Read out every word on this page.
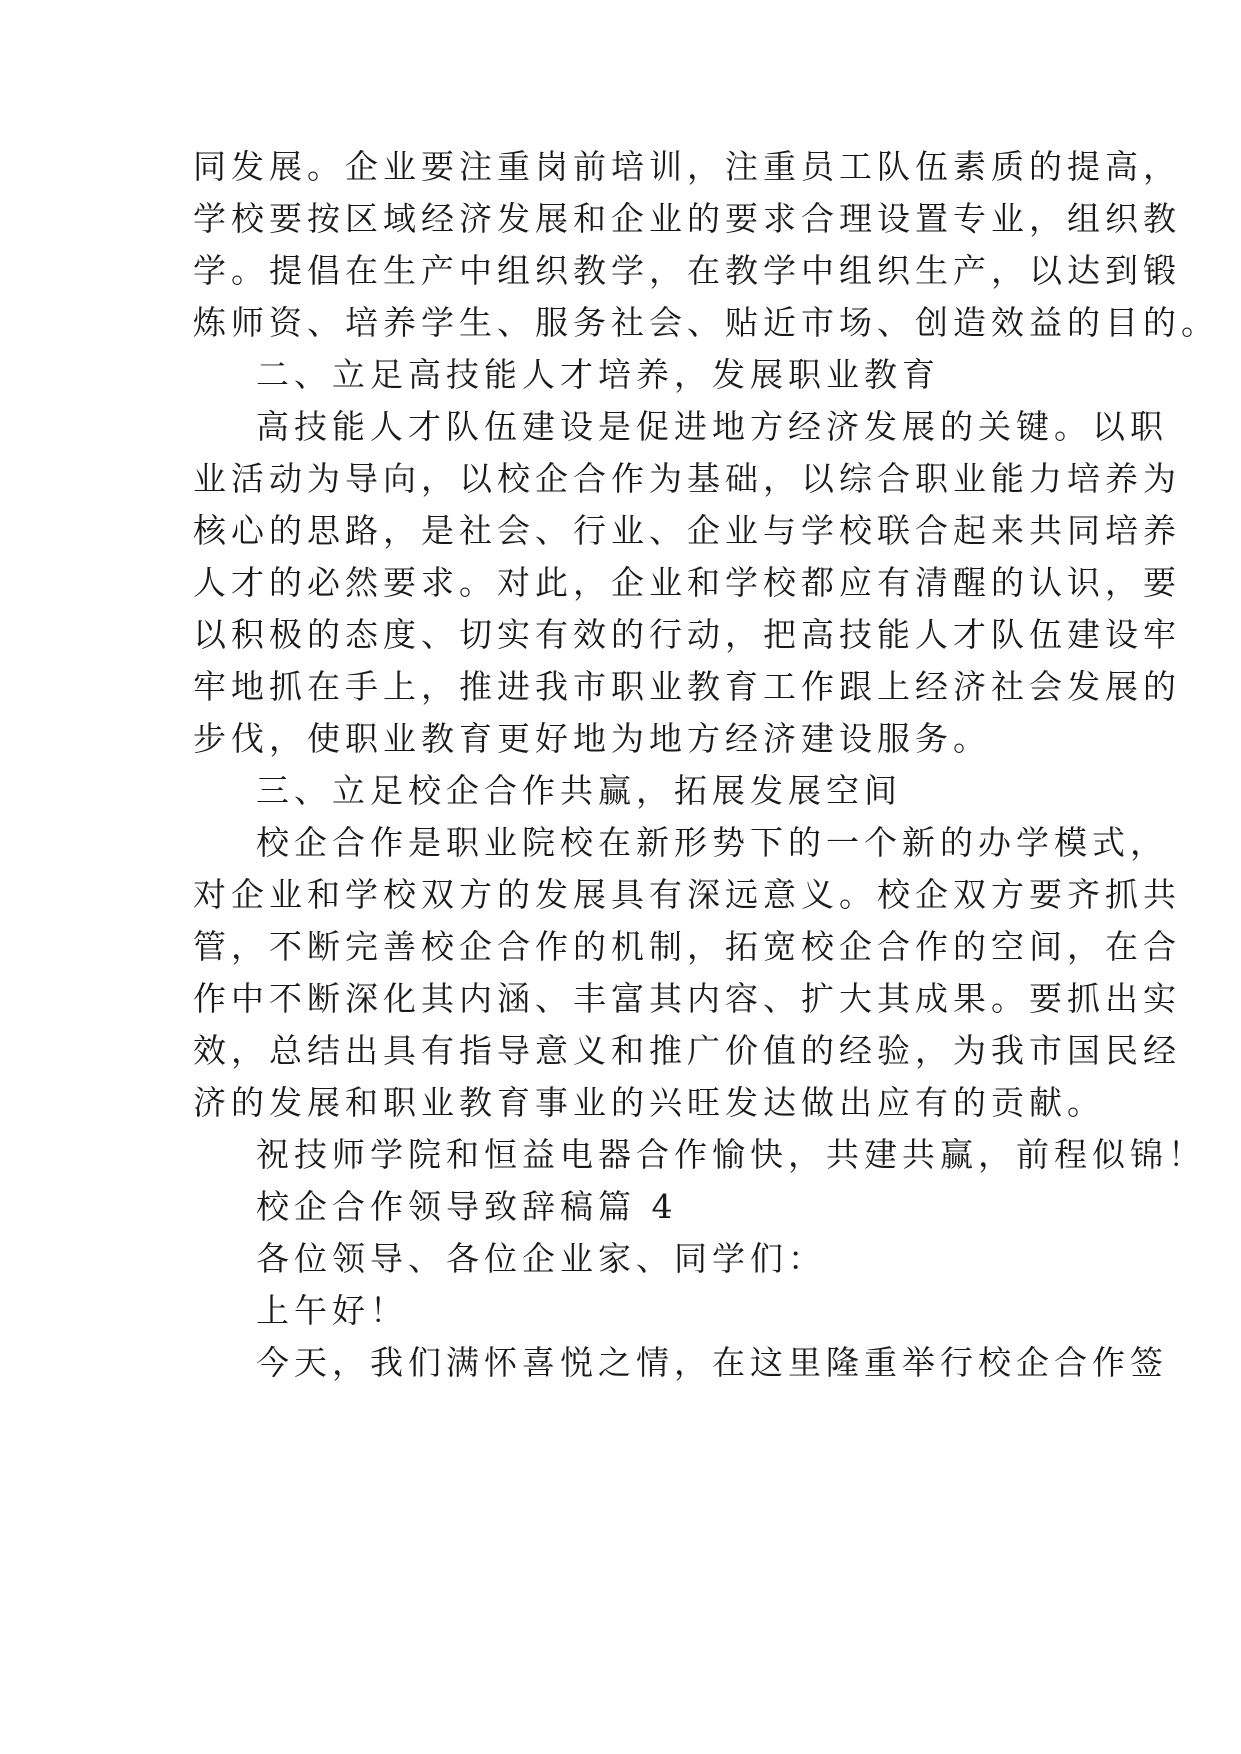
同发展。企业要注重岗前培训，注重员工队伍素质的提高，
学校要按区域经济发展和企业的要求合理设置专业，组织教
学。提倡在生产中组织教学，在教学中组织生产，以达到锻
炼师资、培养学生、服务社会、贴近市场、创造效益的目的。
二、立足高技能人才培养，发展职业教育
高技能人才队伍建设是促进地方经济发展的关键。以职
业活动为导向，以校企合作为基础，以综合职业能力培养为
核心的思路，是社会、行业、企业与学校联合起来共同培养
人才的必然要求。对此，企业和学校都应有清醒的认识，要
以积极的态度、切实有效的行动，把高技能人才队伍建设牢
牢地抓在手上，推进我市职业教育工作跟上经济社会发展的
步伐，使职业教育更好地为地方经济建设服务。
三、立足校企合作共赢，拓展发展空间
校企合作是职业院校在新形势下的一个新的办学模式，
对企业和学校双方的发展具有深远意义。校企双方要齐抓共
管，不断完善校企合作的机制，拓宽校企合作的空间，在合
作中不断深化其内涵、丰富其内容、扩大其成果。要抓出实
效，总结出具有指导意义和推广价值的经验，为我市国民经
济的发展和职业教育事业的兴旺发达做出应有的贡献。
祝技师学院和恒益电器合作愉快，共建共赢，前程似锦！
校企合作领导致辞稿篇 4
各位领导、各位企业家、同学们：
上午好！
今天，我们满怀喜悦之情，在这里隆重举行校企合作签
